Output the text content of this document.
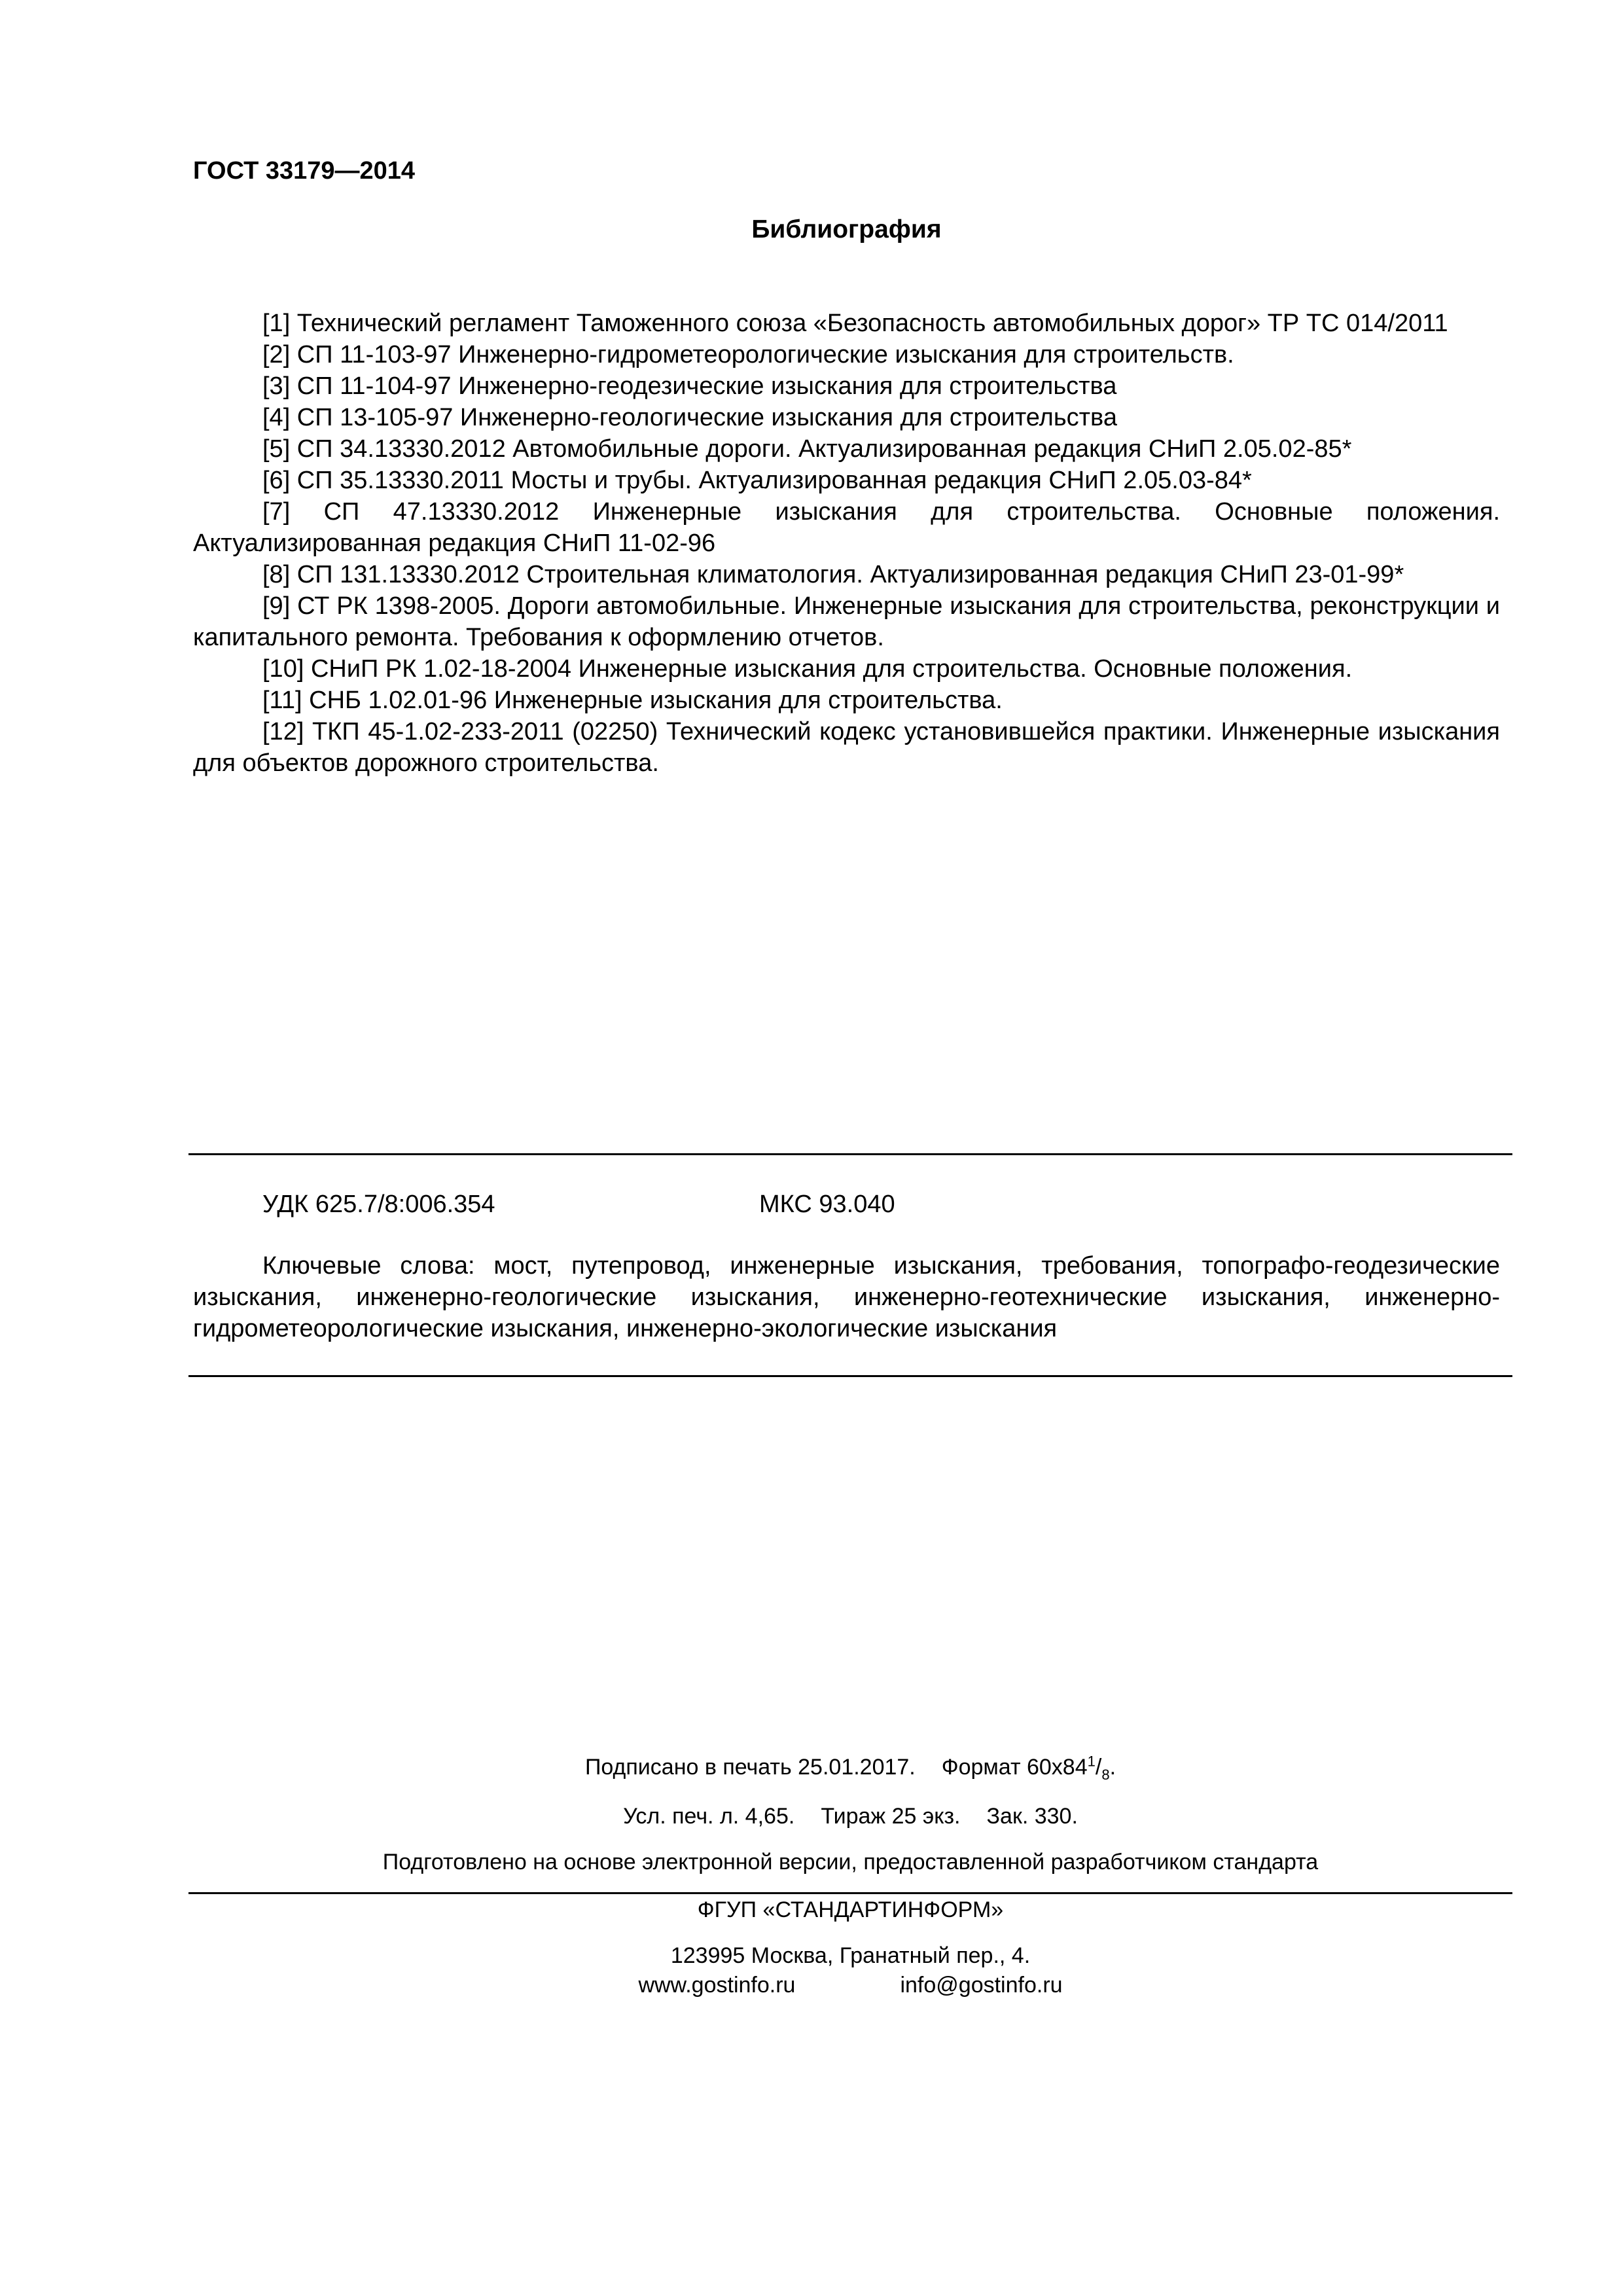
ГОСТ 33179—2014

Библиография
[1] Технический регламент Таможенного союза «Безопасность автомобильных дорог» ТР ТС 014/2011
[2] СП 11-103-97 Инженерно-гидрометеорологические изыскания для строительств.
[3] СП 11-104-97 Инженерно-геодезические изыскания для строительства
[4] СП 13-105-97 Инженерно-геологические изыскания для строительства
[5] СП 34.13330.2012 Автомобильные дороги. Актуализированная редакция СНиП 2.05.02-85*
[6] СП 35.13330.2011 Мосты и трубы. Актуализированная редакция СНиП 2.05.03-84*
[7] СП 47.13330.2012 Инженерные изыскания для строительства. Основные положения. Актуализированная редакция СНиП 11-02-96
[8] СП 131.13330.2012 Строительная климатология. Актуализированная редакция СНиП 23-01-99*
[9] СТ РК 1398-2005. Дороги автомобильные. Инженерные изыскания для строительства, реконструкции и капитального ремонта. Требования к оформлению отчетов.
[10] СНиП РК 1.02-18-2004 Инженерные изыскания для строительства. Основные положения.
[11] СНБ 1.02.01-96 Инженерные изыскания для строительства.
[12] ТКП 45-1.02-233-2011 (02250) Технический кодекс установившейся практики. Инженерные изыскания для объектов дорожного строительства.

УДК 625.7/8:006.354	МКС 93.040

Ключевые слова: мост, путепровод, инженерные изыскания, требования, топографо-геодезические изыскания, инженерно-геологические изыскания, инженерно-геотехнические изыскания, инженерно-гидрометеорологические изыскания, инженерно-экологические изыскания

Подписано в печать 25.01.2017. Формат $60x84^1/_8$.

Усл. печ. л. 4,65. Тираж 25 экз. Зак. 330.

Подготовлено на основе электронной версии, предоставленной разработчиком стандарта

ФГУП «СТАНДАРТИНФОРМ»

123995 Москва, Гранатный пер., 4.

www.gostinfo.ru	info@gostinfo.ru
